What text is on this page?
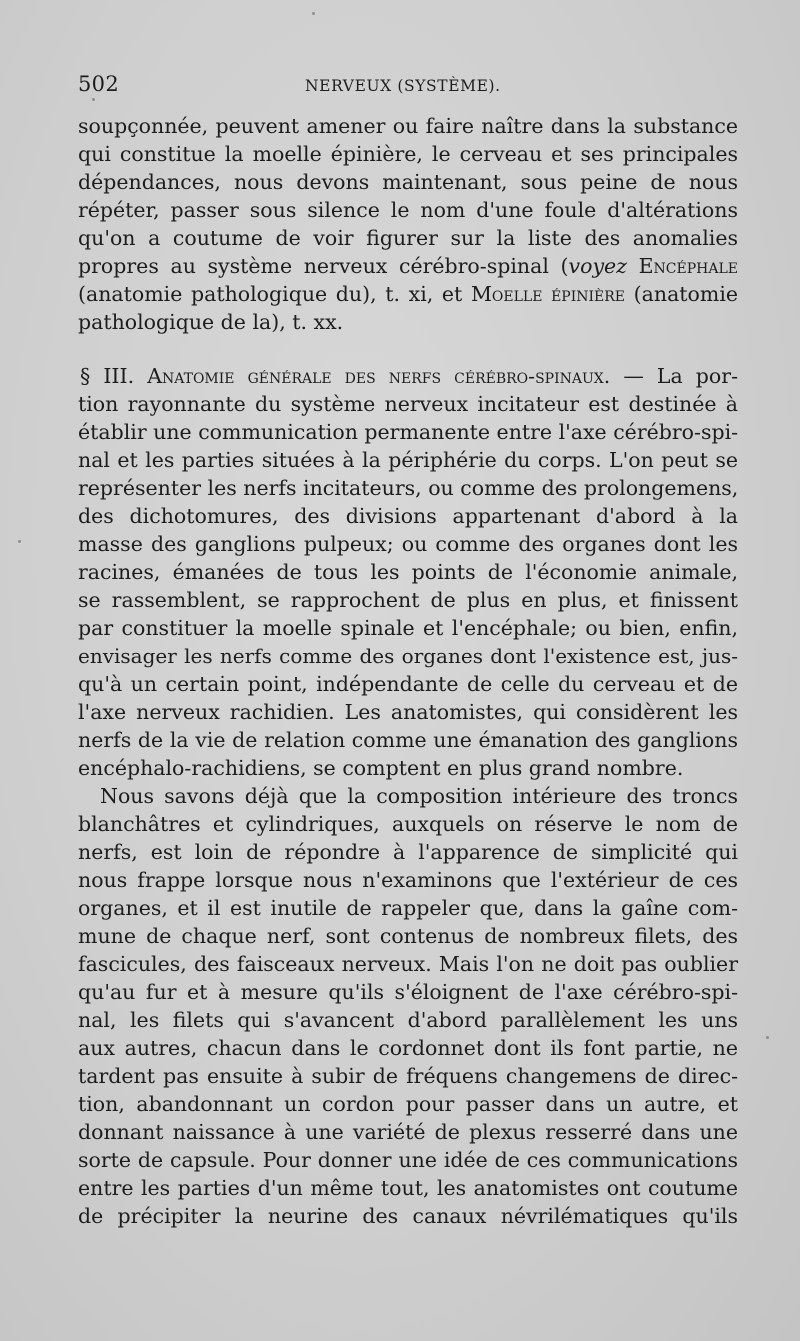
502	NERVEUX (SYSTÈME).
soupçonnée, peuvent amener ou faire naître dans la substance
qui constitue la moelle épinière, le cerveau et ses principales
dépendances, nous devons maintenant, sous peine de nous
répéter, passer sous silence le nom d'une foule d'altérations
qu'on a coutume de voir figurer sur la liste des anomalies
propres au système nerveux cérébro-spinal (voyez Encéphale
(anatomie pathologique du), t. xi, et Moelle épinière (anatomie
pathologique de la), t. xx.
§ III. Anatomie générale des nerfs cérébro-spinaux. — La por-
tion rayonnante du système nerveux incitateur est destinée à
établir une communication permanente entre l'axe cérébro-spi-
nal et les parties situées à la périphérie du corps. L'on peut se
représenter les nerfs incitateurs, ou comme des prolongemens,
des dichotomures, des divisions appartenant d'abord à la
masse des ganglions pulpeux; ou comme des organes dont les
racines, émanées de tous les points de l'économie animale,
se rassemblent, se rapprochent de plus en plus, et finissent
par constituer la moelle spinale et l'encéphale; ou bien, enfin,
envisager les nerfs comme des organes dont l'existence est, jus-
qu'à un certain point, indépendante de celle du cerveau et de
l'axe nerveux rachidien. Les anatomistes, qui considèrent les
nerfs de la vie de relation comme une émanation des ganglions
encéphalo-rachidiens, se comptent en plus grand nombre.
Nous savons déjà que la composition intérieure des troncs
blanchâtres et cylindriques, auxquels on réserve le nom de
nerfs, est loin de répondre à l'apparence de simplicité qui
nous frappe lorsque nous n'examinons que l'extérieur de ces
organes, et il est inutile de rappeler que, dans la gaîne com-
mune de chaque nerf, sont contenus de nombreux filets, des
fascicules, des faisceaux nerveux. Mais l'on ne doit pas oublier
qu'au fur et à mesure qu'ils s'éloignent de l'axe cérébro-spi-
nal, les filets qui s'avancent d'abord parallèlement les uns
aux autres, chacun dans le cordonnet dont ils font partie, ne
tardent pas ensuite à subir de fréquens changemens de direc-
tion, abandonnant un cordon pour passer dans un autre, et
donnant naissance à une variété de plexus resserré dans une
sorte de capsule. Pour donner une idée de ces communications
entre les parties d'un même tout, les anatomistes ont coutume
de précipiter la neurine des canaux névrilématiques qu'ils
